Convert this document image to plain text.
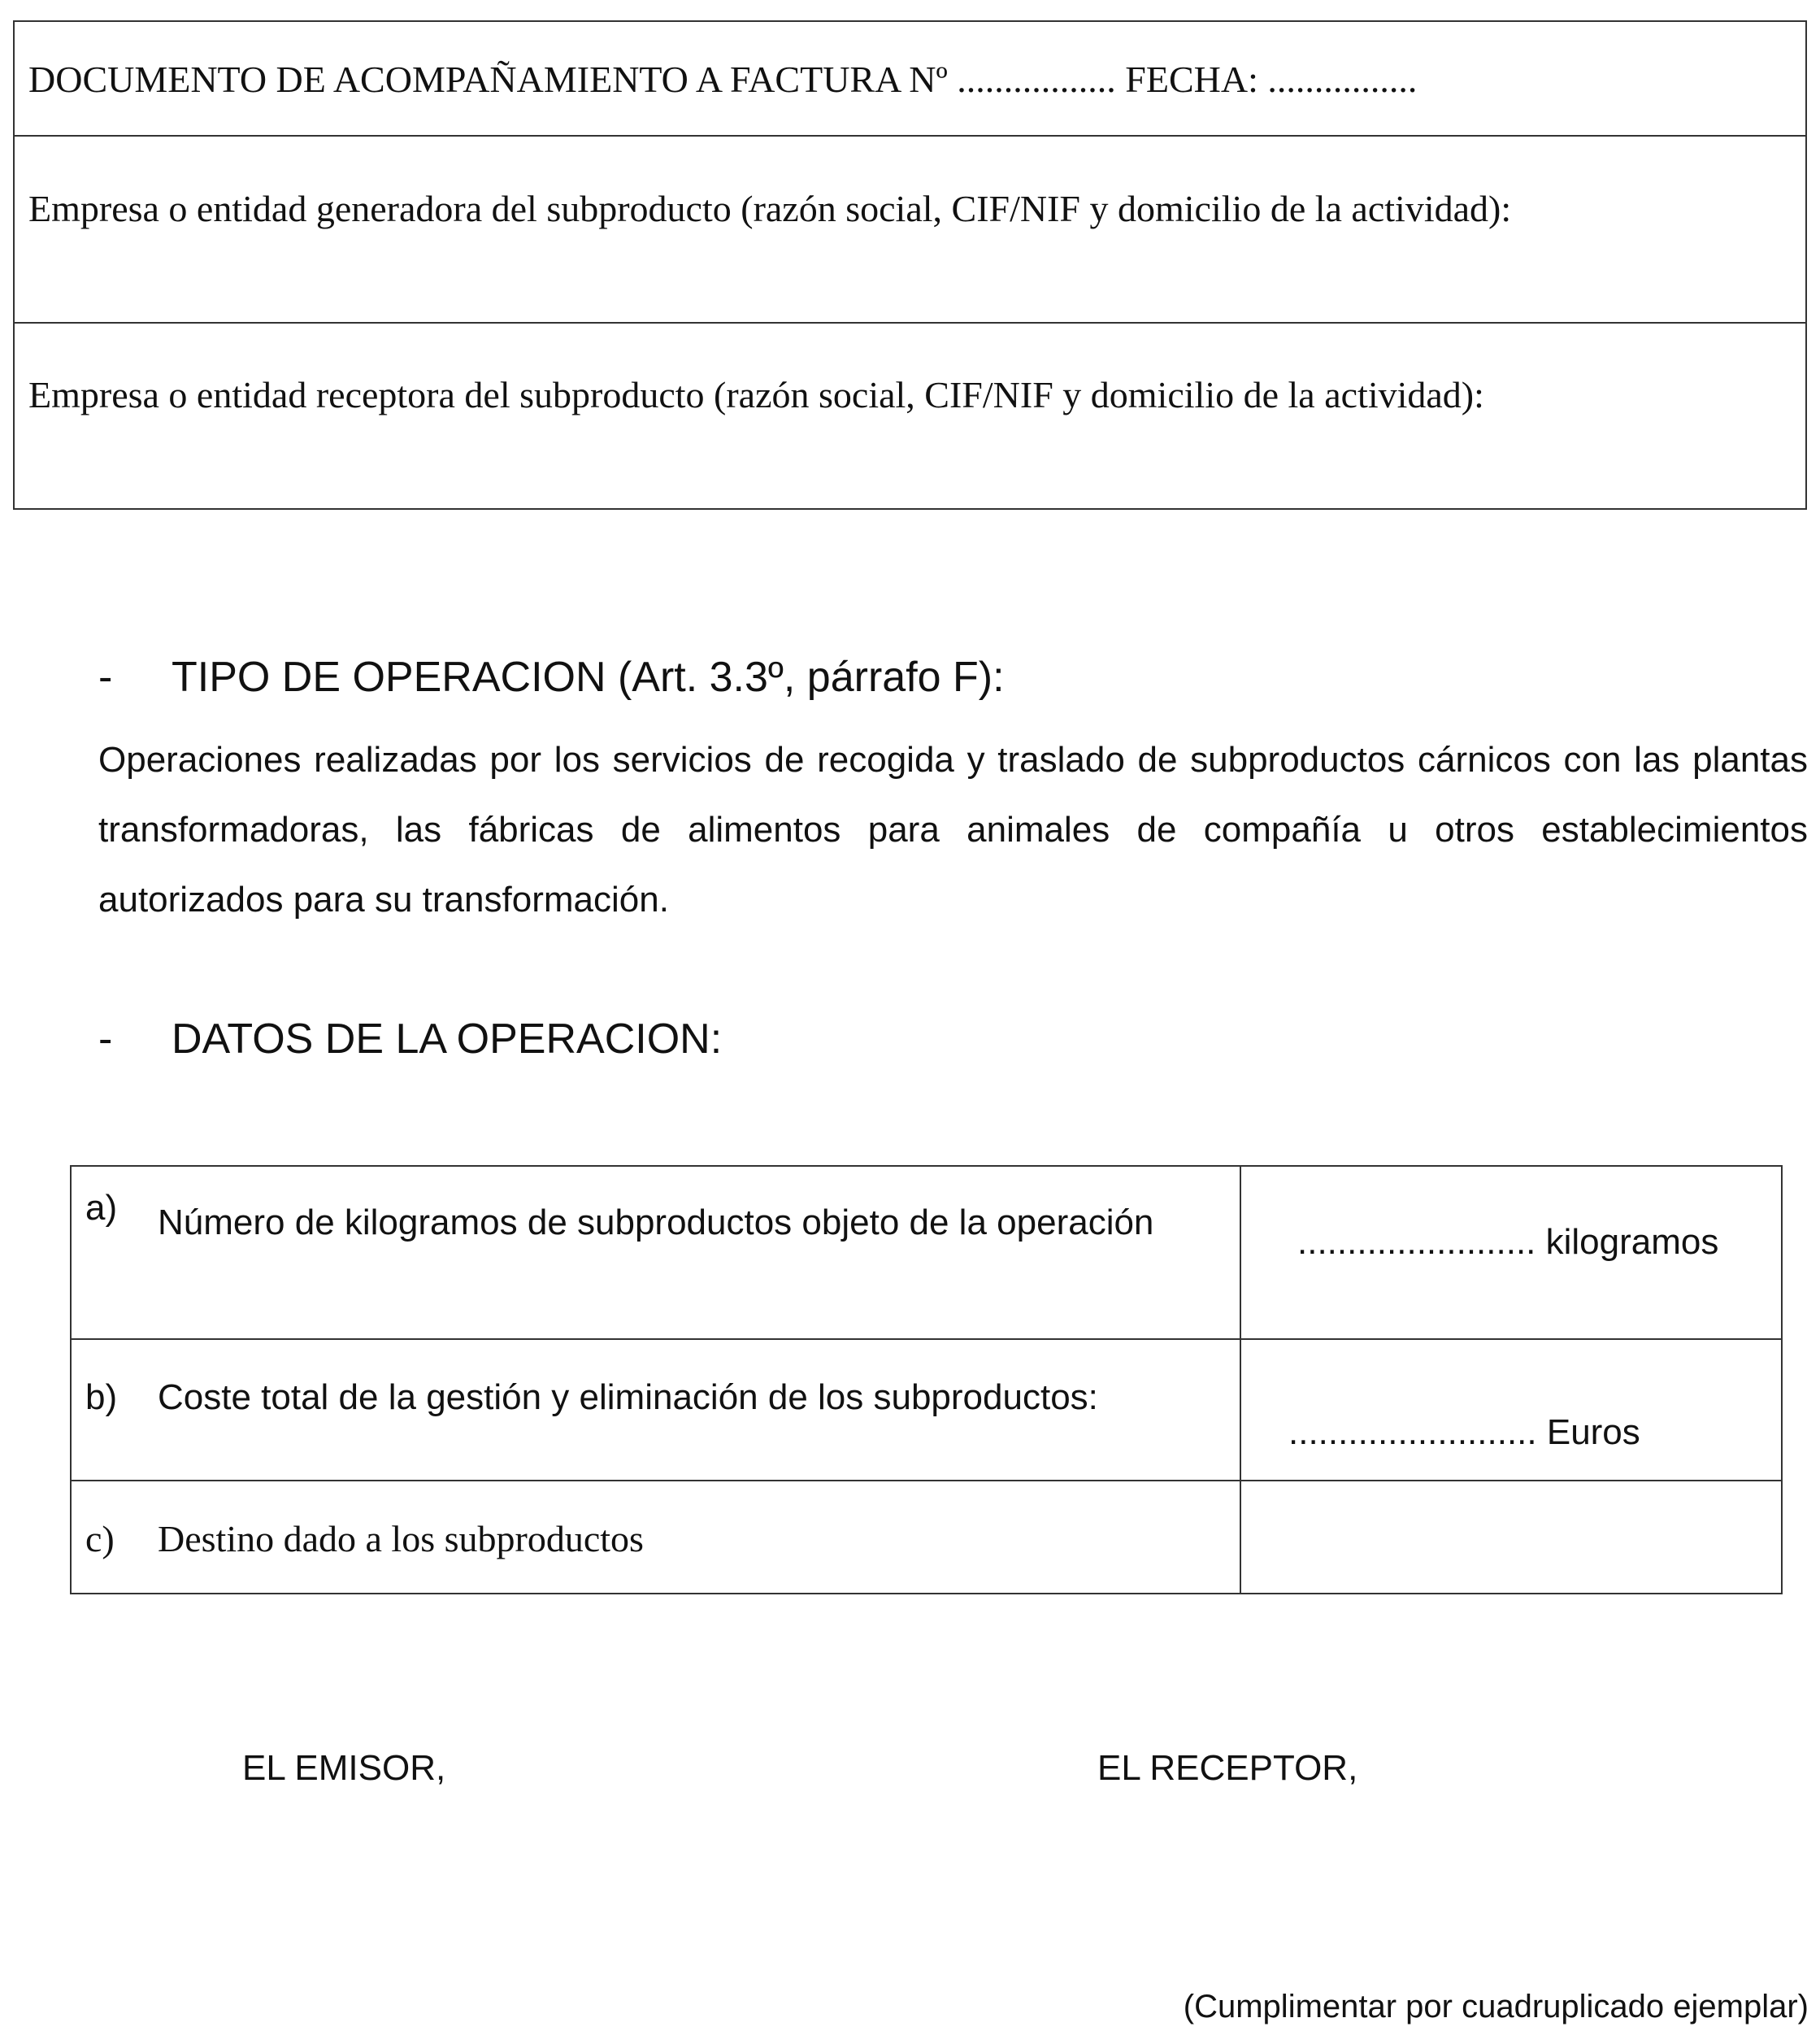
DOCUMENTO DE ACOMPAÑAMIENTO A FACTURA Nº ................. FECHA: ................
Empresa o entidad generadora del subproducto (razón social, CIF/NIF y domicilio de la actividad):
Empresa o entidad receptora del subproducto (razón social, CIF/NIF y domicilio de la actividad):
- TIPO DE OPERACION (Art. 3.3º, párrafo F):
Operaciones realizadas por los servicios de recogida y traslado de subproductos cárnicos con las plantas transformadoras, las fábricas de alimentos para animales de compañía u otros establecimientos autorizados para su transformación.
- DATOS DE LA OPERACION:
a) Número de kilogramos de subproductos objeto de la operación	........................ kilogramos
b) Coste total de la gestión y eliminación de los subproductos:
......................... Euros
c) Destino dado a los subproductos
EL EMISOR,	EL RECEPTOR,
(Cumplimentar por cuadruplicado ejemplar)
